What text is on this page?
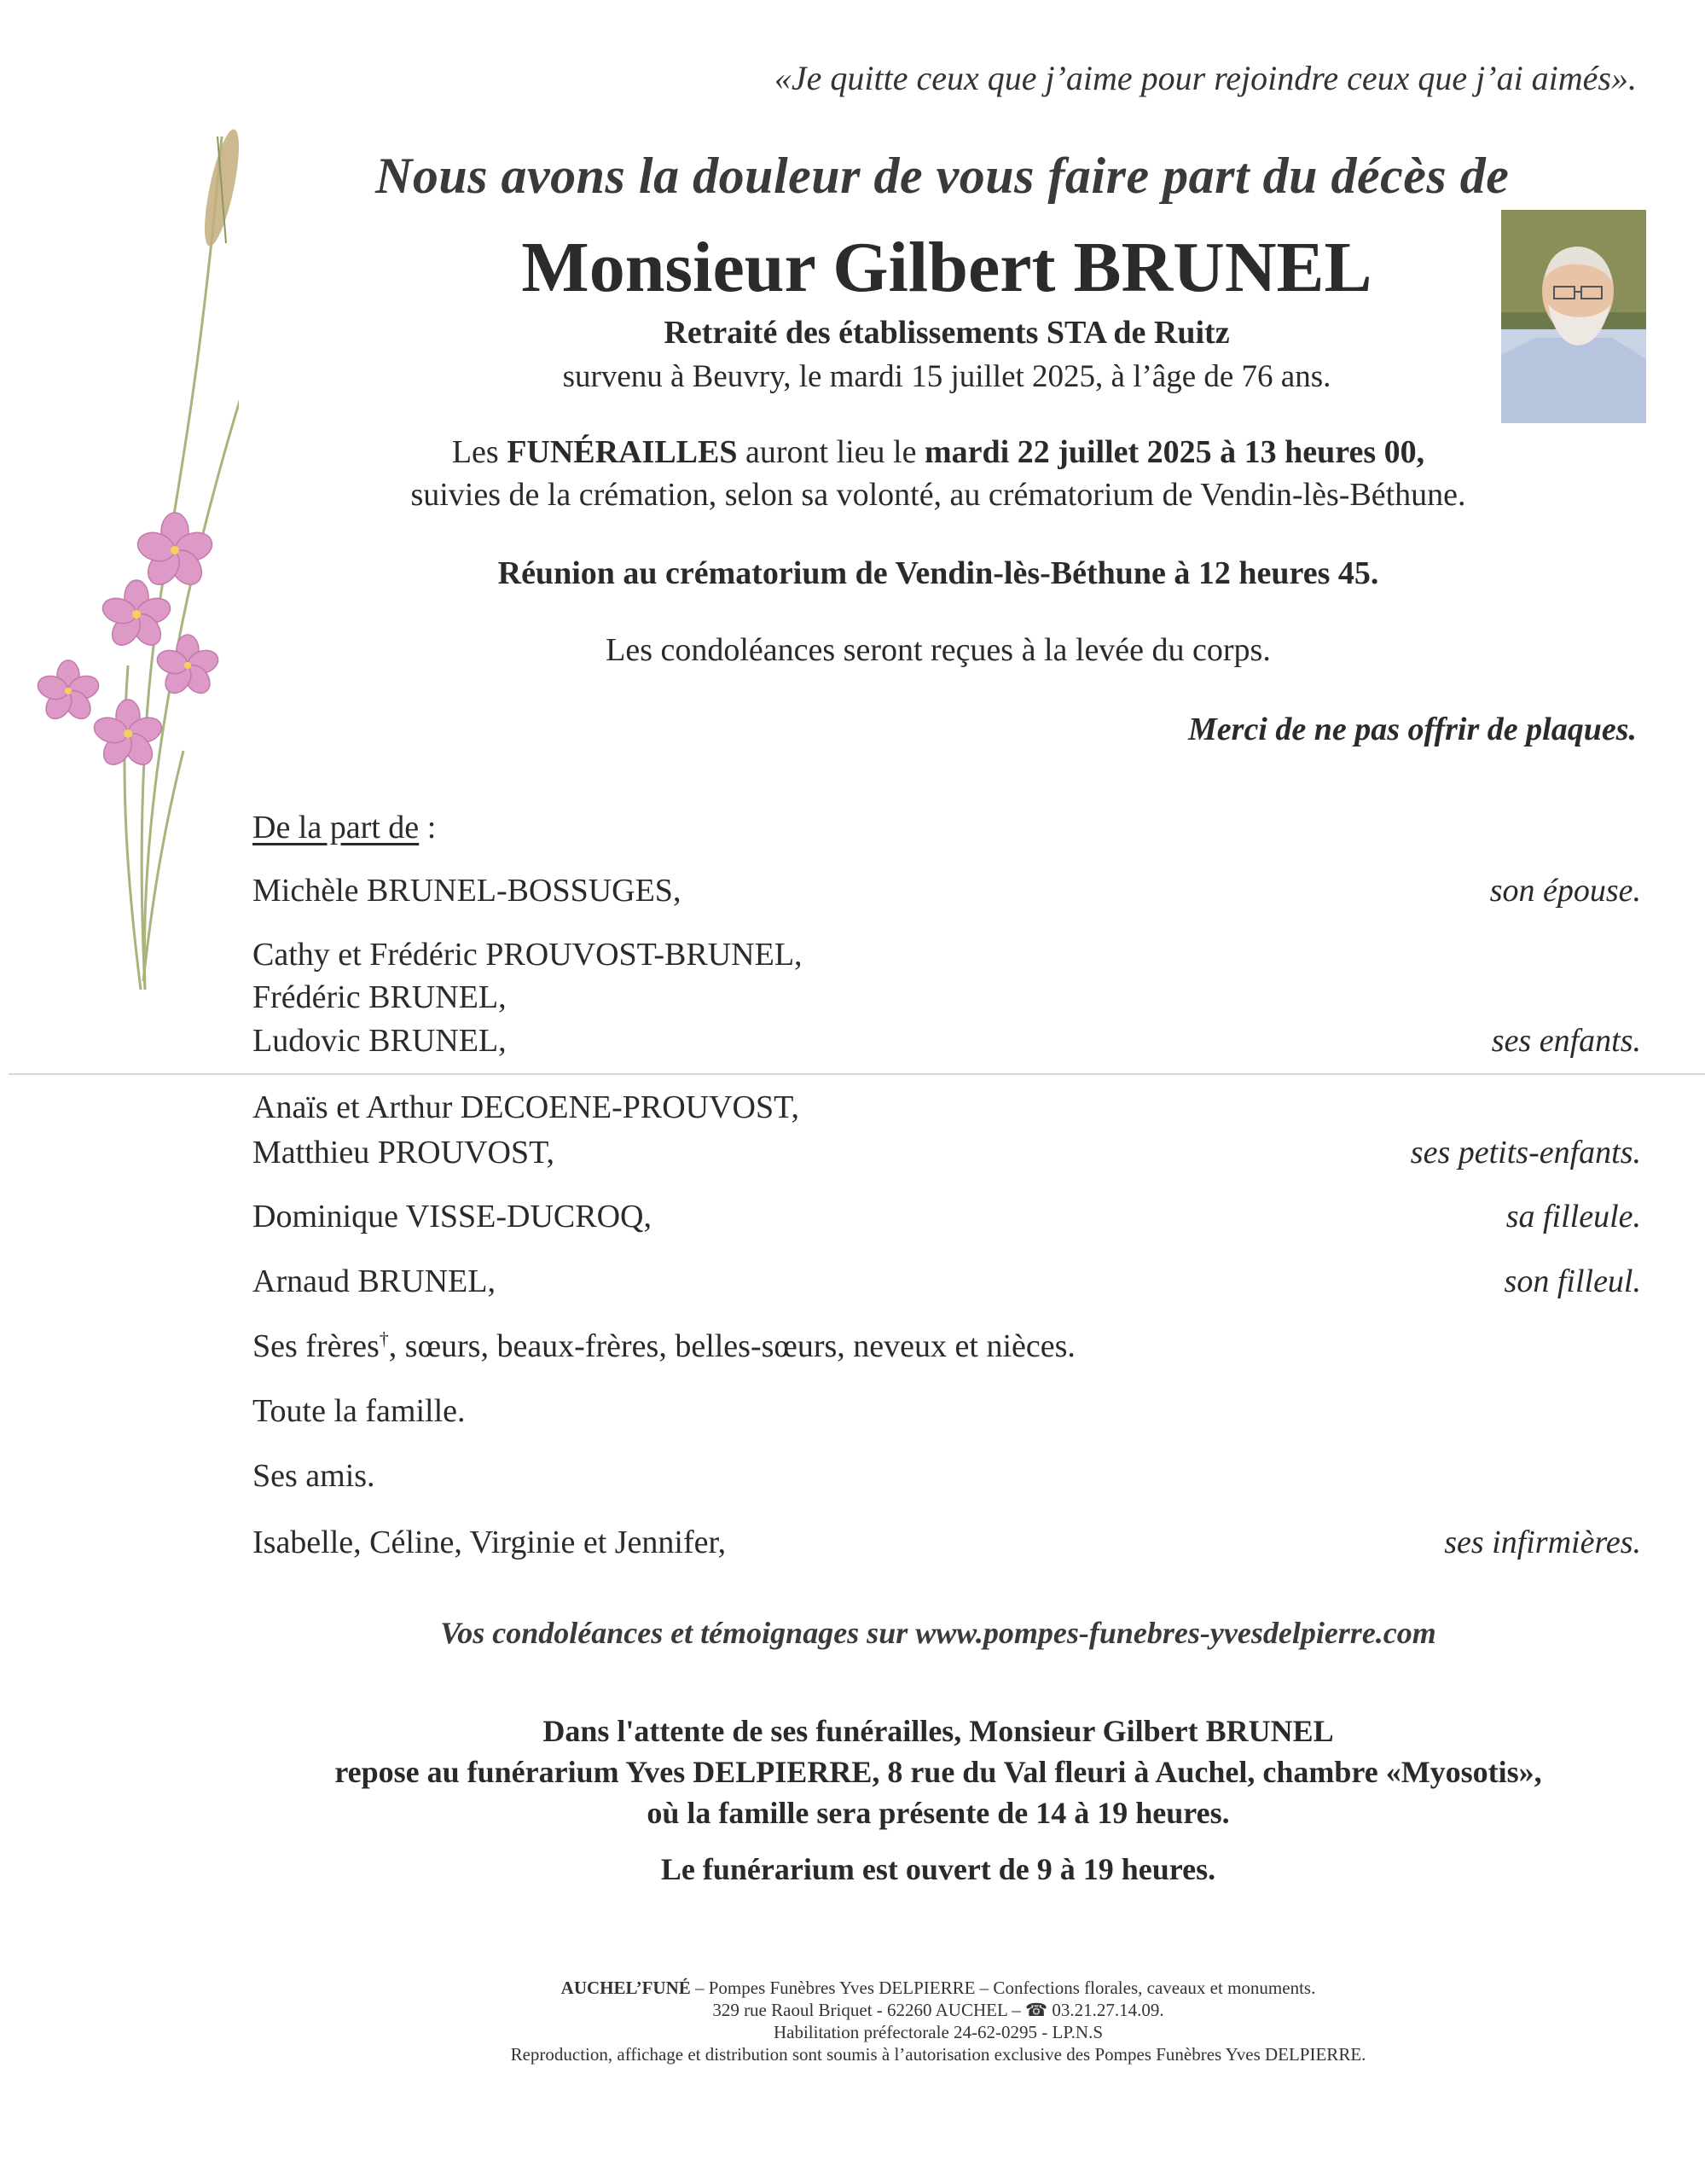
«Je quitte ceux que j’aime pour rejoindre ceux que j’ai aimés».
Nous avons la douleur de vous faire part du décès de
Monsieur Gilbert BRUNEL
Retraité des établissements STA de Ruitz
survenu à Beuvry, le mardi 15 juillet 2025, à l’âge de 76 ans.
Les FUNÉRAILLES auront lieu le mardi 22 juillet 2025 à 13 heures 00,
suivies de la crémation, selon sa volonté, au crématorium de Vendin-lès-Béthune.
Réunion au crématorium de Vendin-lès-Béthune à 12 heures 45.
Les condoléances seront reçues à la levée du corps.
Merci de ne pas offrir de plaques.
De la part de :
Michèle BRUNEL-BOSSUGES,	son épouse.
Cathy et Frédéric PROUVOST-BRUNEL,
Frédéric BRUNEL,
Ludovic BRUNEL,	ses enfants.
Anaïs et Arthur DECOENE-PROUVOST,
Matthieu PROUVOST,	ses petits-enfants.
Dominique VISSE-DUCROQ,	sa filleule.
Arnaud BRUNEL,	son filleul.
Ses frères†, sœurs, beaux-frères, belles-sœurs, neveux et nièces.
Toute la famille.
Ses amis.
Isabelle, Céline, Virginie et Jennifer,	ses infirmières.
Vos condoléances et témoignages sur www.pompes-funebres-yvesdelpierre.com
Dans l'attente de ses funérailles, Monsieur Gilbert BRUNEL
repose au funérarium Yves DELPIERRE, 8 rue du Val fleuri à Auchel, chambre «Myosotis»,
où la famille sera présente de 14 à 19 heures.
Le funérarium est ouvert de 9 à 19 heures.
AUCHEL’FUNÉ – Pompes Funèbres Yves DELPIERRE – Confections florales, caveaux et monuments.
329 rue Raoul Briquet - 62260 AUCHEL – ☎ 03.21.27.14.09.
Habilitation préfectorale 24-62-0295 - LP.N.S
Reproduction, affichage et distribution sont soumis à l’autorisation exclusive des Pompes Funèbres Yves DELPIERRE.
